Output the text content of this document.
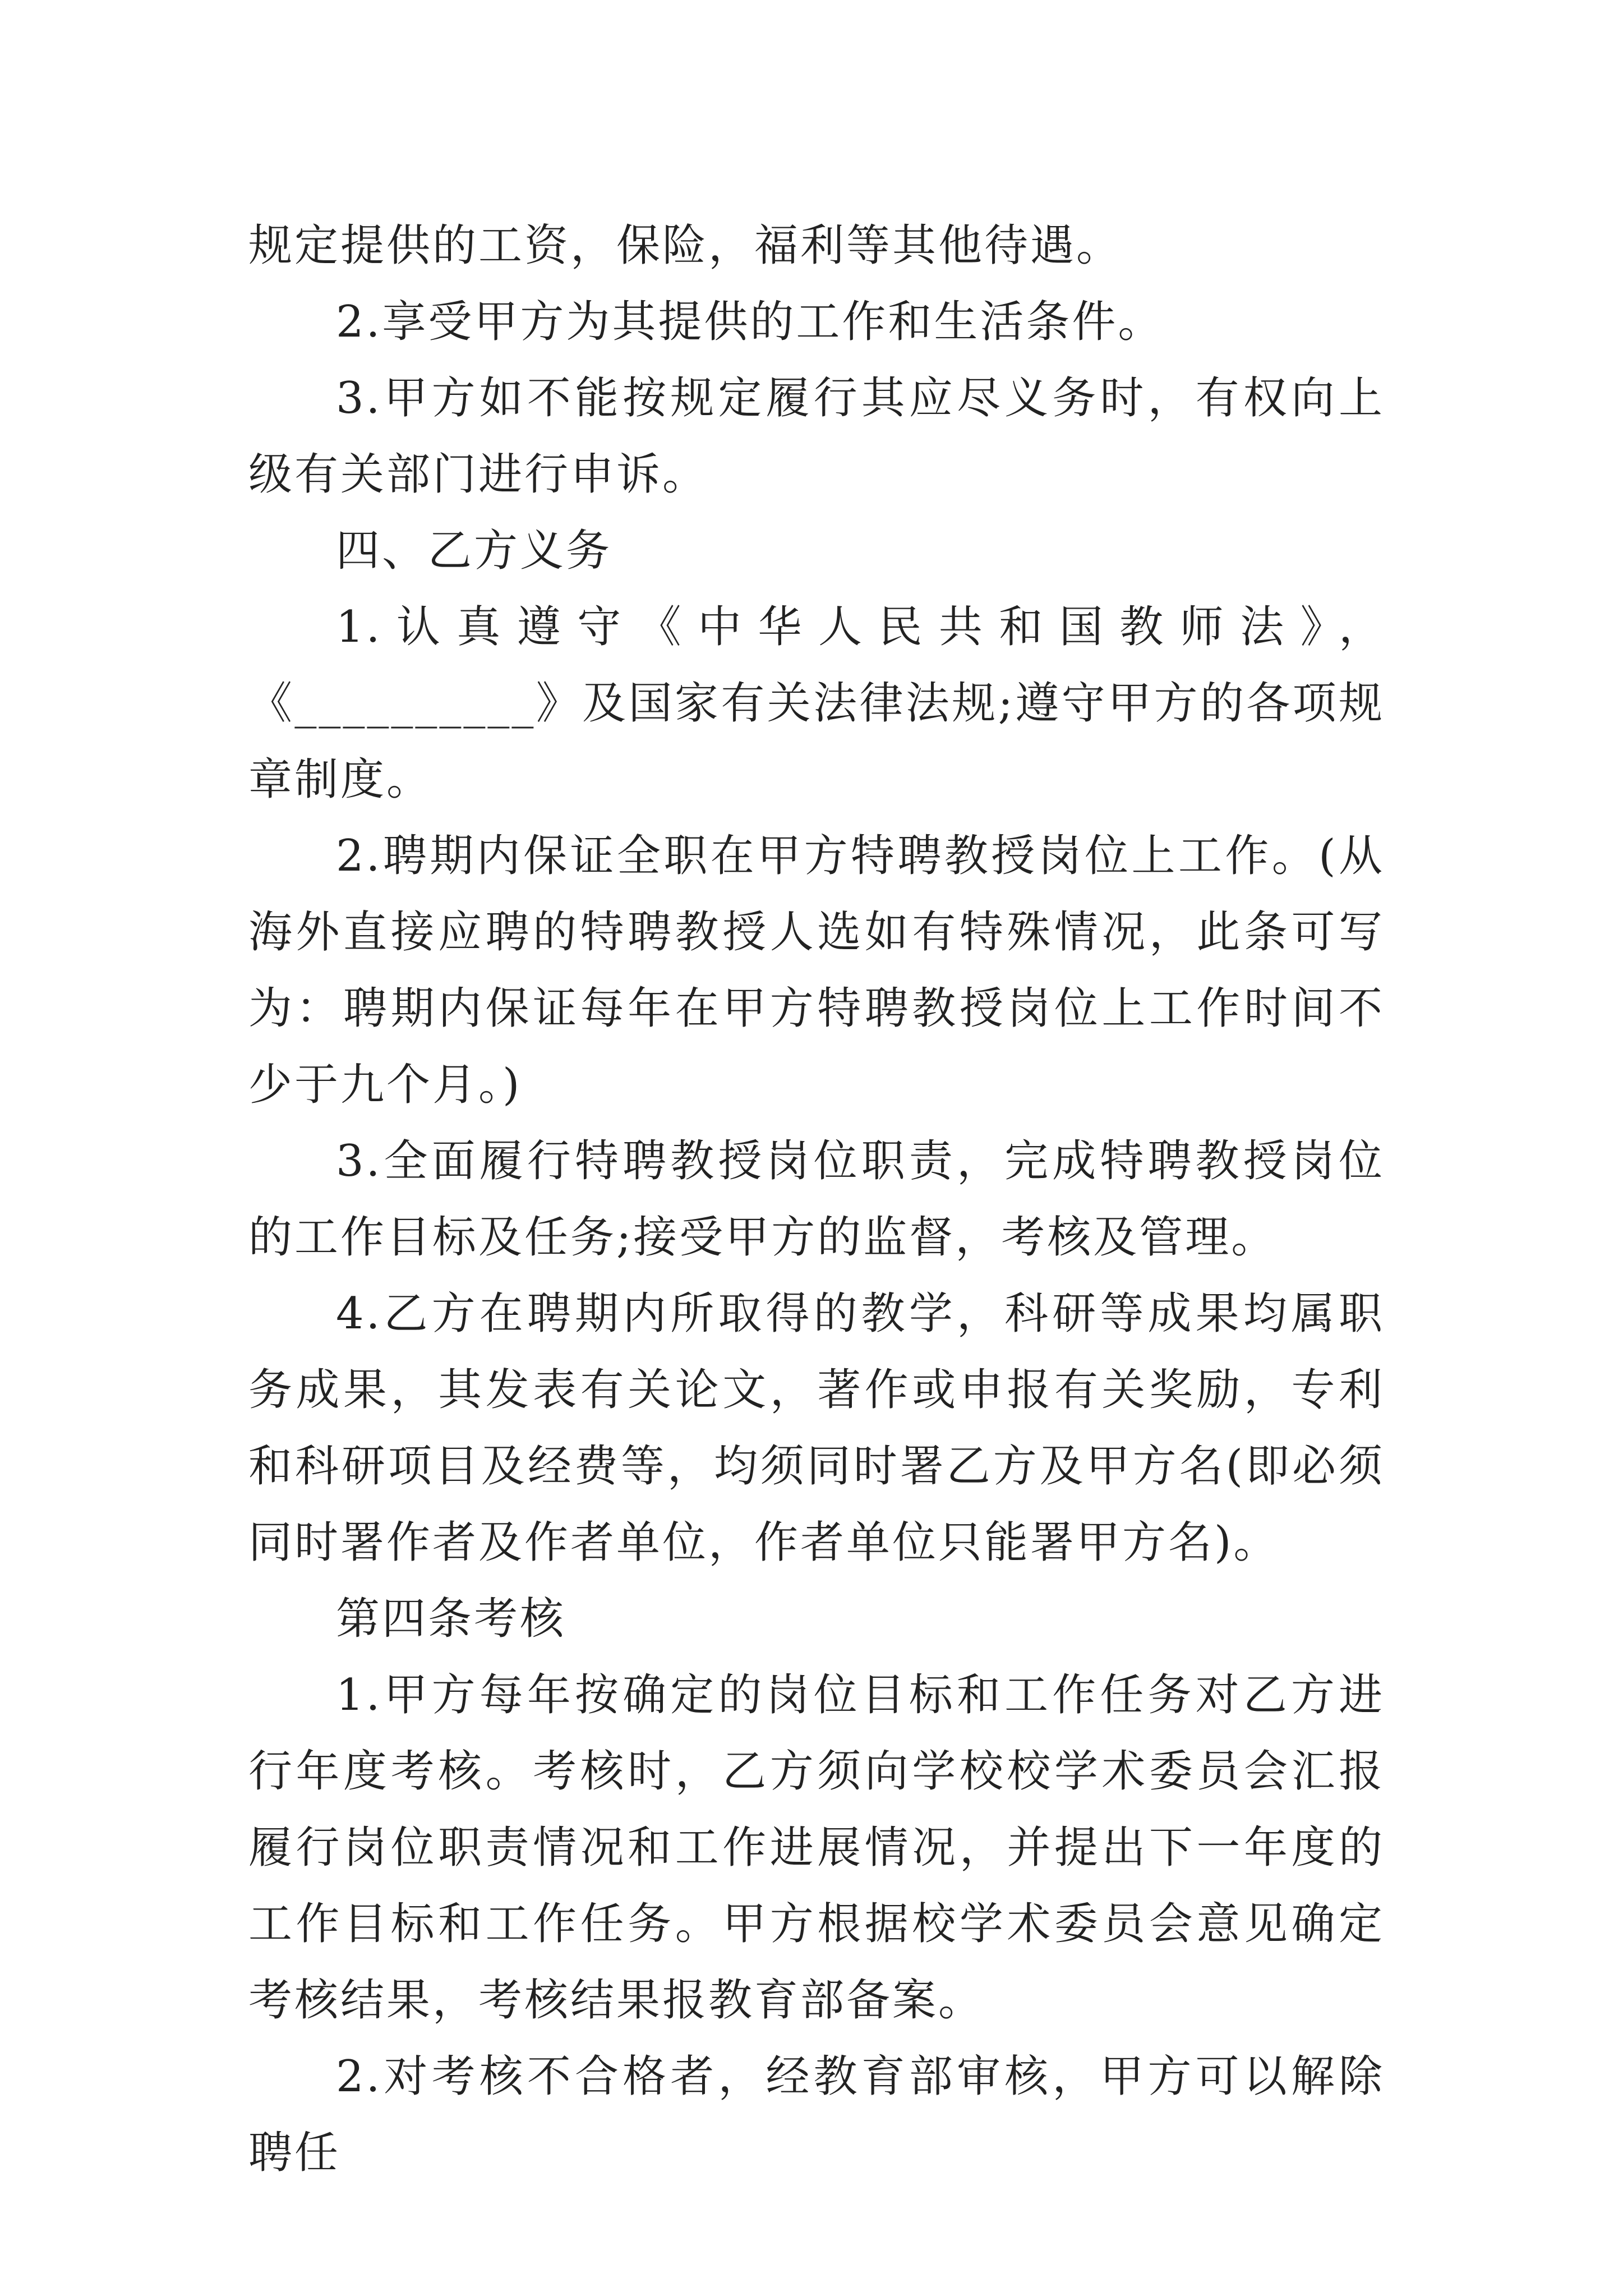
规定提供的工资，保险，福利等其他待遇。

2.享受甲方为其提供的工作和生活条件。

3.甲方如不能按规定履行其应尽义务时，有权向上级有关部门进行申诉。

四、乙方义务

1.认真遵守《中华人民共和国教师法》，《__________》及国家有关法律法规;遵守甲方的各项规章制度。

2.聘期内保证全职在甲方特聘教授岗位上工作。(从海外直接应聘的特聘教授人选如有特殊情况，此条可写为：聘期内保证每年在甲方特聘教授岗位上工作时间不少于九个月。)

3.全面履行特聘教授岗位职责，完成特聘教授岗位的工作目标及任务;接受甲方的监督，考核及管理。

4.乙方在聘期内所取得的教学，科研等成果均属职务成果，其发表有关论文，著作或申报有关奖励，专利和科研项目及经费等，均须同时署乙方及甲方名(即必须同时署作者及作者单位，作者单位只能署甲方名)。

第四条考核

1.甲方每年按确定的岗位目标和工作任务对乙方进行年度考核。考核时，乙方须向学校校学术委员会汇报履行岗位职责情况和工作进展情况，并提出下一年度的工作目标和工作任务。甲方根据校学术委员会意见确定考核结果，考核结果报教育部备案。

2.对考核不合格者，经教育部审核，甲方可以解除聘任
